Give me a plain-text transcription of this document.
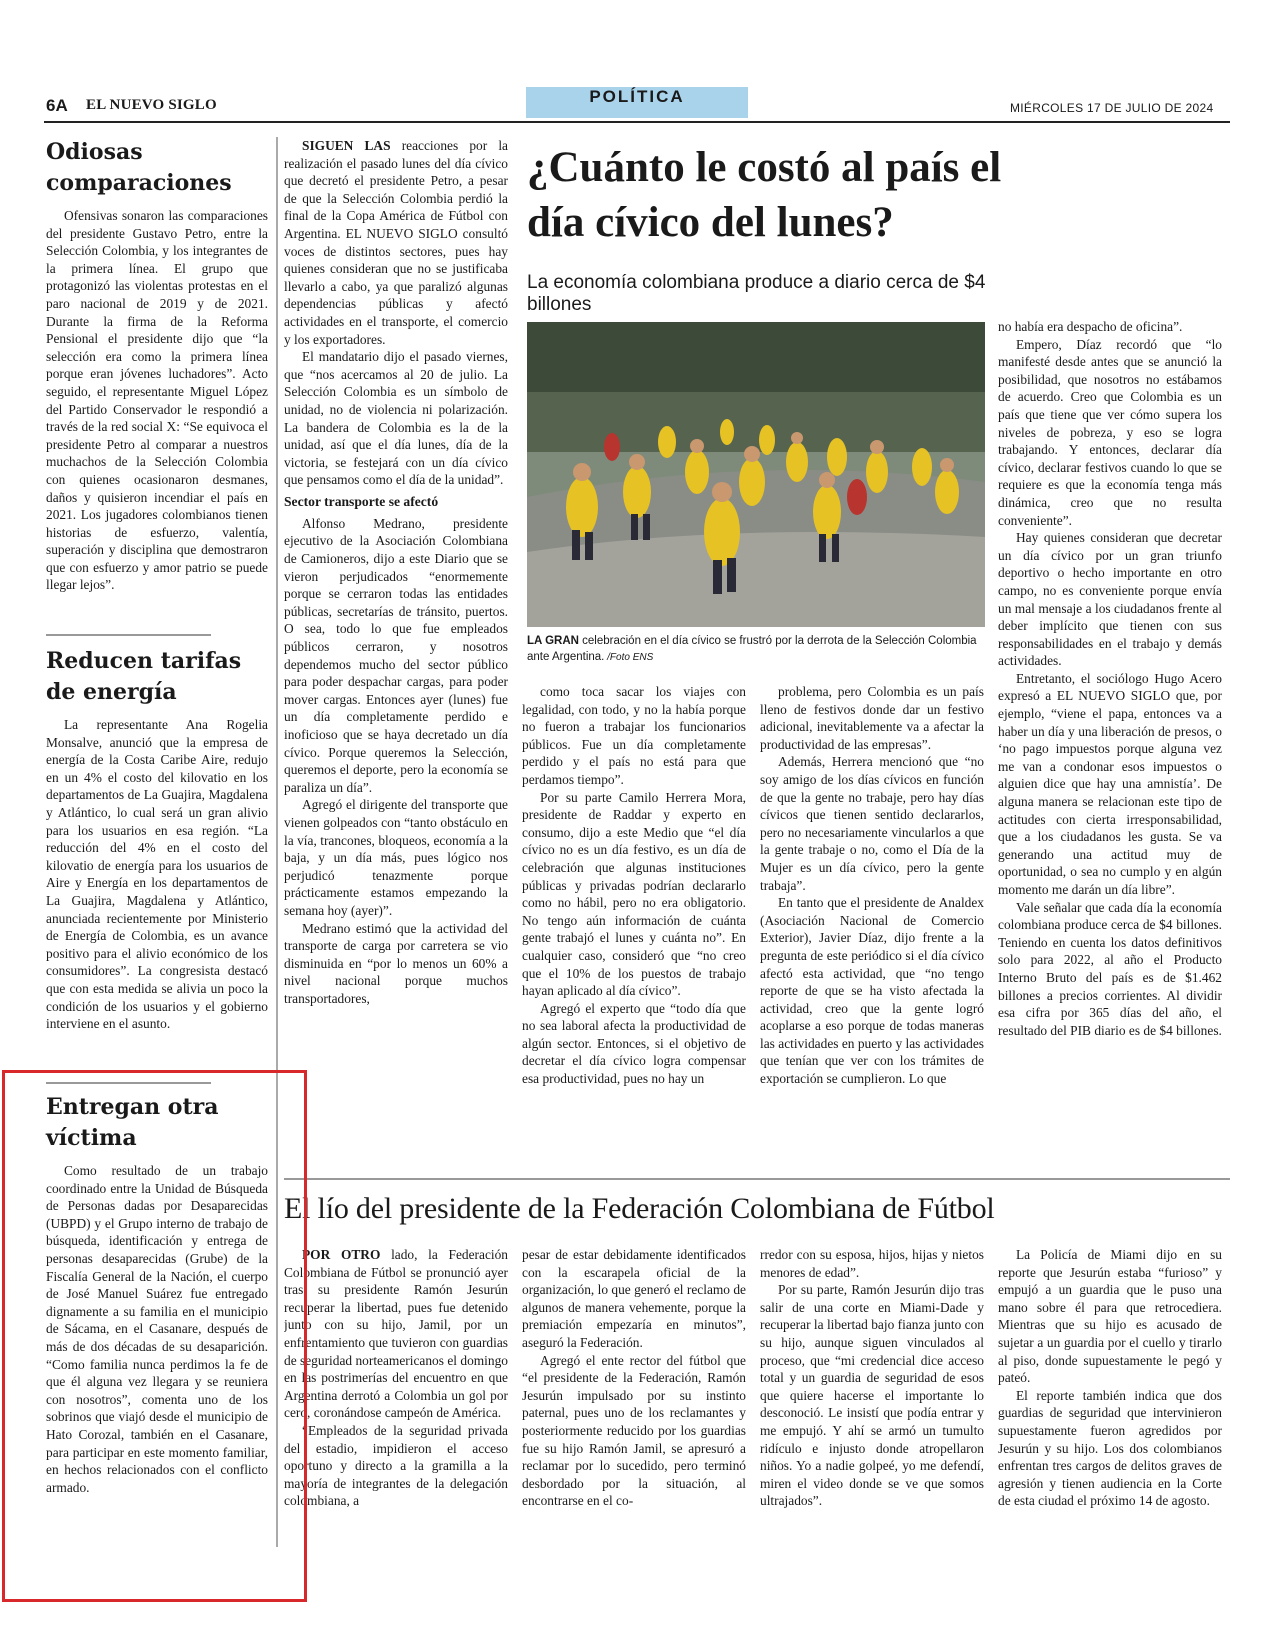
6A EL NUEVO SIGLO	POLÍTICA
MIÉRCOLES 17 DE JULIO DE 2024
Odiosas comparaciones

Ofensivas sonaron las comparaciones del presidente Gustavo Petro, entre la Selección Colombia, y los integrantes de la primera línea. El grupo que protagonizó las violentas protestas en el paro nacional de 2019 y de 2021. Durante la firma de la Reforma Pensional el presidente dijo que “la selección era como la primera línea porque eran jóvenes luchadores”. Acto seguido, el representante Miguel López del Partido Conservador le respondió a través de la red social X: “Se equivoca el presidente Petro al comparar a nuestros muchachos de la Selección Colombia con quienes ocasionaron desmanes, daños y quisieron incendiar el país en 2021. Los jugadores colombianos tienen historias de esfuerzo, valentía, superación y disciplina que demostraron que con esfuerzo y amor patrio se puede llegar lejos”.

Reducen tarifas de energía

La representante Ana Rogelia Monsalve, anunció que la empresa de energía de la Costa Caribe Aire, redujo en un 4% el costo del kilovatio en los departamentos de La Guajira, Magdalena y Atlántico, lo cual será un gran alivio para los usuarios en esa región. “La reducción del 4% en el costo del kilovatio de energía para los usuarios de Aire y Energía en los departamentos de La Guajira, Magdalena y Atlántico, anunciada recientemente por Ministerio de Energía de Colombia, es un avance positivo para el alivio económico de los consumidores”. La congresista destacó que con esta medida se alivia un poco la condición de los usuarios y el gobierno interviene en el asunto.

Entregan otra víctima

Como resultado de un trabajo coordinado entre la Unidad de Búsqueda de Personas dadas por Desaparecidas (UBPD) y el Grupo interno de trabajo de búsqueda, identificación y entrega de personas desaparecidas (Grube) de la Fiscalía General de la Nación, el cuerpo de José Manuel Suárez fue entregado dignamente a su familia en el municipio de Sácama, en el Casanare, después de más de dos décadas de su desaparición. “Como familia nunca perdimos la fe de que él alguna vez llegara y se reuniera con nosotros”, comenta uno de los sobrinos que viajó desde el municipio de Hato Corozal, también en el Casanare, para participar en este momento familiar, en hechos relacionados con el conflicto armado.

¿Cuánto le costó al país el día cívico del lunes?
La economía colombiana produce a diario cerca de $4 billones

SIGUEN LAS reacciones por la realización el pasado lunes del día cívico que decretó el presidente Petro, a pesar de que la Selección Colombia perdió la final de la Copa América de Fútbol con Argentina. EL NUEVO SIGLO consultó voces de distintos sectores, pues hay quienes consideran que no se justificaba llevarlo a cabo, ya que paralizó algunas dependencias públicas y afectó actividades en el transporte, el comercio y los exportadores.

El mandatario dijo el pasado viernes, que “nos acercamos al 20 de julio. La Selección Colombia es un símbolo de unidad, no de violencia ni polarización. La bandera de Colombia es la de la unidad, así que el día lunes, día de la victoria, se festejará con un día cívico que pensamos como el día de la unidad”.

Sector transporte se afectó

Alfonso Medrano, presidente ejecutivo de la Asociación Colombiana de Camioneros, dijo a este Diario que se vieron perjudicados “enormemente porque se cerraron todas las entidades públicas, secretarías de tránsito, puertos. O sea, todo lo que fue empleados públicos cerraron, y nosotros dependemos mucho del sector público para poder despachar cargas, para poder mover cargas. Entonces ayer (lunes) fue un día completamente perdido e inoficioso que se haya decretado un día cívico. Porque queremos la Selección, queremos el deporte, pero la economía se paraliza un día”.

Agregó el dirigente del transporte que vienen golpeados con “tanto obstáculo en la vía, trancones, bloqueos, economía a la baja, y un día más, pues lógico nos perjudicó tenazmente porque prácticamente estamos empezando la semana hoy (ayer)”.

Medrano estimó que la actividad del transporte de carga por carretera se vio disminuida en “por lo menos un 60% a nivel nacional porque muchos transportadores,

LA GRAN celebración en el día cívico se frustró por la derrota de la Selección Colombia ante Argentina. /Foto ENS

como toca sacar los viajes con legalidad, con todo, y no la había porque no fueron a trabajar los funcionarios públicos. Fue un día completamente perdido y el país no está para que perdamos tiempo”.

Por su parte Camilo Herrera Mora, presidente de Raddar y experto en consumo, dijo a este Medio que “el día cívico no es un día festivo, es un día de celebración que algunas instituciones públicas y privadas podrían declararlo como no hábil, pero no era obligatorio. No tengo aún información de cuánta gente trabajó el lunes y cuánta no”. En cualquier caso, consideró que “no creo que el 10% de los puestos de trabajo hayan aplicado al día cívico”.

Agregó el experto que “todo día que no sea laboral afecta la productividad de algún sector. Entonces, si el objetivo de decretar el día cívico logra compensar esa productividad, pues no hay un

problema, pero Colombia es un país lleno de festivos donde dar un festivo adicional, inevitablemente va a afectar la productividad de las empresas”.

Además, Herrera mencionó que “no soy amigo de los días cívicos en función de que la gente no trabaje, pero hay días cívicos que tienen sentido declararlos, pero no necesariamente vincularlos a que la gente trabaje o no, como el Día de la Mujer es un día cívico, pero la gente trabaja”.

En tanto que el presidente de Analdex (Asociación Nacional de Comercio Exterior), Javier Díaz, dijo frente a la pregunta de este periódico si el día cívico afectó esta actividad, que “no tengo reporte de que se ha visto afectada la actividad, creo que la gente logró acoplarse a eso porque de todas maneras las actividades en puerto y las actividades que tenían que ver con los trámites de exportación se cumplieron. Lo que

no había era despacho de oficina”.

Empero, Díaz recordó que “lo manifesté desde antes que se anunció la posibilidad, que nosotros no estábamos de acuerdo. Creo que Colombia es un país que tiene que ver cómo supera los niveles de pobreza, y eso se logra trabajando. Y entonces, declarar día cívico, declarar festivos cuando lo que se requiere es que la economía tenga más dinámica, creo que no resulta conveniente”.

Hay quienes consideran que decretar un día cívico por un gran triunfo deportivo o hecho importante en otro campo, no es conveniente porque envía un mal mensaje a los ciudadanos frente al deber implícito que tienen con sus responsabilidades en el trabajo y demás actividades.

Entretanto, el sociólogo Hugo Acero expresó a EL NUEVO SIGLO que, por ejemplo, “viene el papa, entonces va a haber un día y una liberación de presos, o ‘no pago impuestos porque alguna vez me van a condonar esos impuestos o alguien dice que hay una amnistía’. De alguna manera se relacionan este tipo de actitudes con cierta irresponsabilidad, que a los ciudadanos les gusta. Se va generando una actitud muy de oportunidad, o sea no cumplo y en algún momento me darán un día libre”.

Vale señalar que cada día la economía colombiana produce cerca de $4 billones. Teniendo en cuenta los datos definitivos solo para 2022, al año el Producto Interno Bruto del país es de $1.462 billones a precios corrientes. Al dividir esa cifra por 365 días del año, el resultado del PIB diario es de $4 billones.

El lío del presidente de la Federación Colombiana de Fútbol

POR OTRO lado, la Federación Colombiana de Fútbol se pronunció ayer tras su presidente Ramón Jesurún recuperar la libertad, pues fue detenido junto con su hijo, Jamil, por un enfrentamiento que tuvieron con guardias de seguridad norteamericanos el domingo en las postrimerías del encuentro en que Argentina derrotó a Colombia un gol por cero, coronándose campeón de América.

“Empleados de la seguridad privada del estadio, impidieron el acceso oportuno y directo a la gramilla a la mayoría de integrantes de la delegación colombiana, a

pesar de estar debidamente identificados con la escarapela oficial de la organización, lo que generó el reclamo de algunos de manera vehemente, porque la premiación empezaría en minutos”, aseguró la Federación.

Agregó el ente rector del fútbol que “el presidente de la Federación, Ramón Jesurún impulsado por su instinto paternal, pues uno de los reclamantes y posteriormente reducido por los guardias fue su hijo Ramón Jamil, se apresuró a reclamar por lo sucedido, pero terminó desbordado por la situación, al encontrarse en el co-

rredor con su esposa, hijos, hijas y nietos menores de edad”.

Por su parte, Ramón Jesurún dijo tras salir de una corte en Miami-Dade y recuperar la libertad bajo fianza junto con su hijo, aunque siguen vinculados al proceso, que “mi credencial dice acceso total y un guardia de seguridad de esos que quiere hacerse el importante lo desconoció. Le insistí que podía entrar y me empujó. Y ahí se armó un tumulto ridículo e injusto donde atropellaron niños. Yo a nadie golpeé, yo me defendí, miren el video donde se ve que somos ultrajados”.

La Policía de Miami dijo en su reporte que Jesurún estaba “furioso” y empujó a un guardia que le puso una mano sobre él para que retrocediera. Mientras que su hijo es acusado de sujetar a un guardia por el cuello y tirarlo al piso, donde supuestamente le pegó y pateó.

El reporte también indica que dos guardias de seguridad que intervinieron supuestamente fueron agredidos por Jesurún y su hijo. Los dos colombianos enfrentan tres cargos de delitos graves de agresión y tienen audiencia en la Corte de esta ciudad el próximo 14 de agosto.
